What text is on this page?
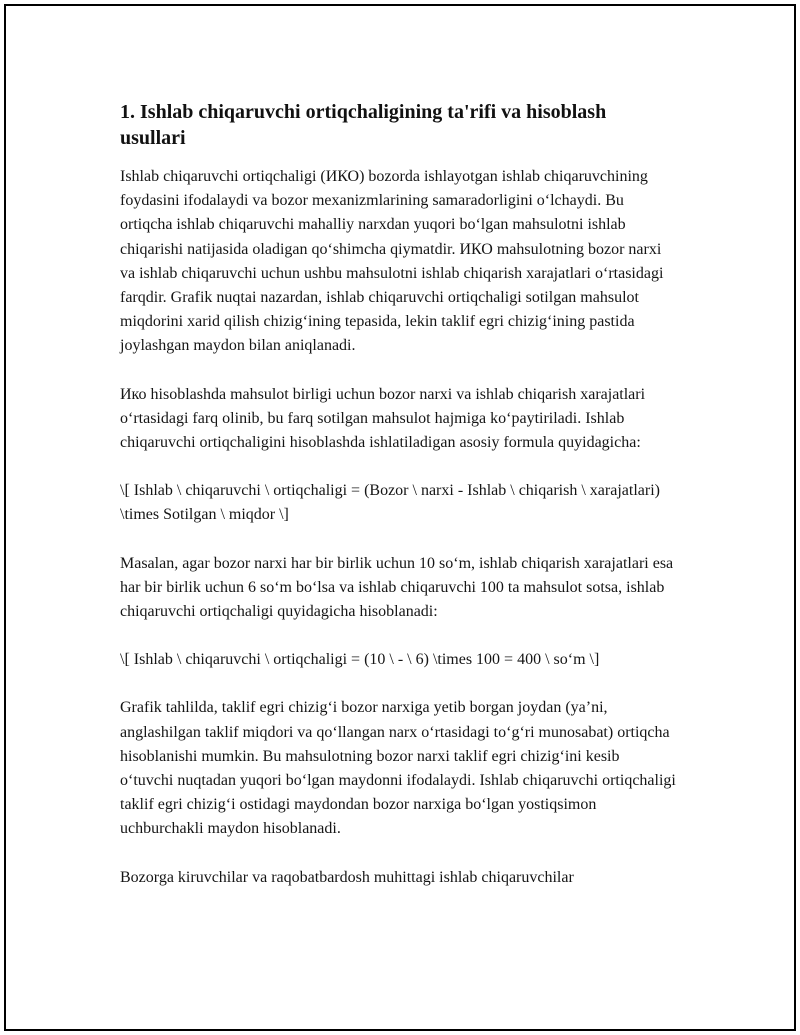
1. Ishlab chiqaruvchi ortiqchaligining ta'rifi va hisoblash usullari

Ishlab chiqaruvchi ortiqchaligi (ИКО) bozorda ishlayotgan ishlab chiqaruvchining foydasini ifodalaydi va bozor mexanizmlarining samaradorligini oʻlchaydi. Bu ortiqcha ishlab chiqaruvchi mahalliy narxdan yuqori boʻlgan mahsulotni ishlab chiqarishi natijasida oladigan qoʻshimcha qiymatdir. ИКО mahsulotning bozor narxi va ishlab chiqaruvchi uchun ushbu mahsulotni ishlab chiqarish xarajatlari oʻrtasidagi farqdir. Grafik nuqtai nazardan, ishlab chiqaruvchi ortiqchaligi sotilgan mahsulot miqdorini xarid qilish chizigʻining tepasida, lekin taklif egri chizigʻining pastida joylashgan maydon bilan aniqlanadi.

Ико hisoblashda mahsulot birligi uchun bozor narxi va ishlab chiqarish xarajatlari oʻrtasidagi farq olinib, bu farq sotilgan mahsulot hajmiga koʻpaytiriladi. Ishlab chiqaruvchi ortiqchaligini hisoblashda ishlatiladigan asosiy formula quyidagicha:

\[ Ishlab \ chiqaruvchi \ ortiqchaligi = (Bozor \ narxi - Ishlab \ chiqarish \ xarajatlari) \times Sotilgan \ miqdor \]

Masalan, agar bozor narxi har bir birlik uchun 10 soʻm, ishlab chiqarish xarajatlari esa har bir birlik uchun 6 soʻm boʻlsa va ishlab chiqaruvchi 100 ta mahsulot sotsa, ishlab chiqaruvchi ortiqchaligi quyidagicha hisoblanadi:

\[ Ishlab \ chiqaruvchi \ ortiqchaligi = (10 \ - \ 6) \times 100 = 400 \ soʻm \]

Grafik tahlilda, taklif egri chizigʻi bozor narxiga yetib borgan joydan (ya’ni, anglashilgan taklif miqdori va qoʻllangan narx oʻrtasidagi toʻgʻri munosabat) ortiqcha hisoblanishi mumkin. Bu mahsulotning bozor narxi taklif egri chizigʻini kesib oʻtuvchi nuqtadan yuqori boʻlgan maydonni ifodalaydi. Ishlab chiqaruvchi ortiqchaligi taklif egri chizigʻi ostidagi maydondan bozor narxiga boʻlgan yostiqsimon uchburchakli maydon hisoblanadi.

Bozorga kiruvchilar va raqobatbardosh muhittagi ishlab chiqaruvchilar
